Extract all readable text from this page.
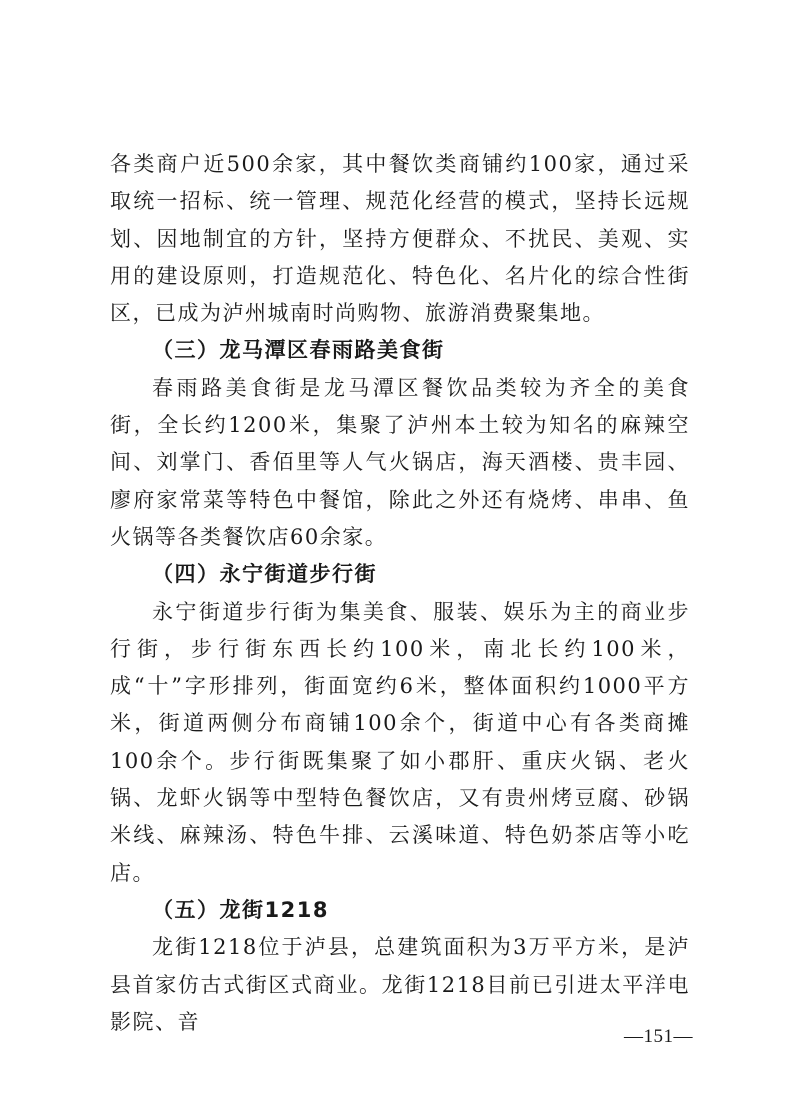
各类商户近500余家，其中餐饮类商铺约100家，通过采取统一招标、统一管理、规范化经营的模式，坚持长远规划、因地制宜的方针，坚持方便群众、不扰民、美观、实用的建设原则，打造规范化、特色化、名片化的综合性街区，已成为泸州城南时尚购物、旅游消费聚集地。

（三）龙马潭区春雨路美食街

春雨路美食街是龙马潭区餐饮品类较为齐全的美食街，全长约1200米，集聚了泸州本土较为知名的麻辣空间、刘掌门、香佰里等人气火锅店，海天酒楼、贵丰园、廖府家常菜等特色中餐馆，除此之外还有烧烤、串串、鱼火锅等各类餐饮店60余家。

（四）永宁街道步行街

永宁街道步行街为集美食、服装、娱乐为主的商业步行街，步行街东西长约100米，南北长约100米，成“十”字形排列，街面宽约6米，整体面积约1000平方米，街道两侧分布商铺100余个，街道中心有各类商摊100余个。步行街既集聚了如小郡肝、重庆火锅、老火锅、龙虾火锅等中型特色餐饮店，又有贵州烤豆腐、砂锅米线、麻辣汤、特色牛排、云溪味道、特色奶茶店等小吃店。

（五）龙街1218

龙街1218位于泸县，总建筑面积为3万平方米，是泸县首家仿古式街区式商业。龙街1218目前已引进太平洋电影院、音

—151—
